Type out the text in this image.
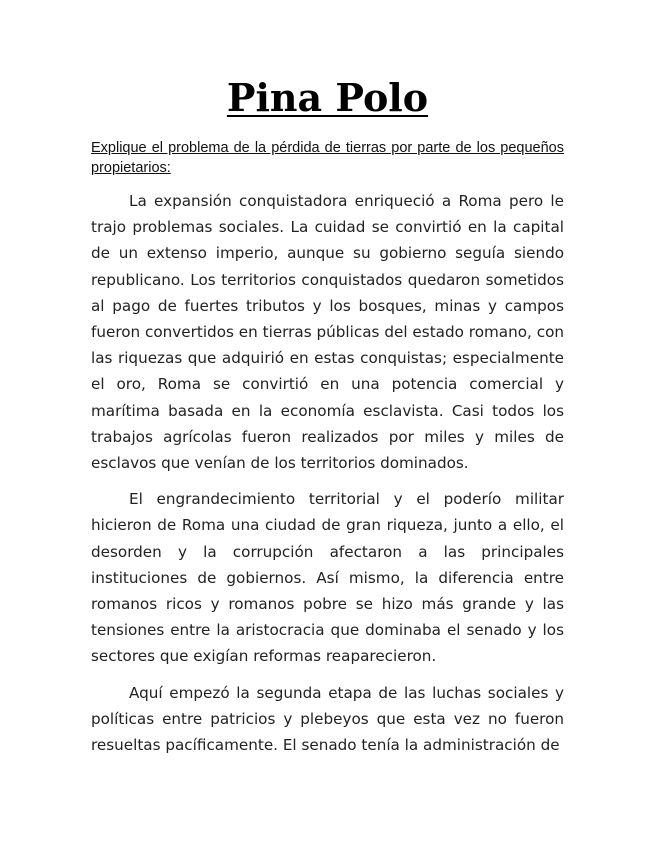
Pina Polo

Explique el problema de la pérdida de tierras por parte de los pequeños propietarios:

La expansión conquistadora enriqueció a Roma pero le trajo problemas sociales. La cuidad se convirtió en la capital de un extenso imperio, aunque su gobierno seguía siendo republicano. Los territorios conquistados quedaron sometidos al pago de fuertes tributos y los bosques, minas y campos fueron convertidos en tierras públicas del estado romano, con las riquezas que adquirió en estas conquistas; especialmente el oro, Roma se convirtió en una potencia comercial y marítima basada en la economía esclavista. Casi todos los trabajos agrícolas fueron realizados por miles y miles de esclavos que venían de los territorios dominados.

El engrandecimiento territorial y el poderío militar hicieron de Roma una ciudad de gran riqueza, junto a ello, el desorden y la corrupción afectaron a las principales instituciones de gobiernos. Así mismo, la diferencia entre romanos ricos y romanos pobre se hizo más grande y las tensiones entre la aristocracia que dominaba el senado y los sectores que exigían reformas reaparecieron.

Aquí empezó la segunda etapa de las luchas sociales y políticas entre patricios y plebeyos que esta vez no fueron resueltas pacíficamente. El senado tenía la administración de
